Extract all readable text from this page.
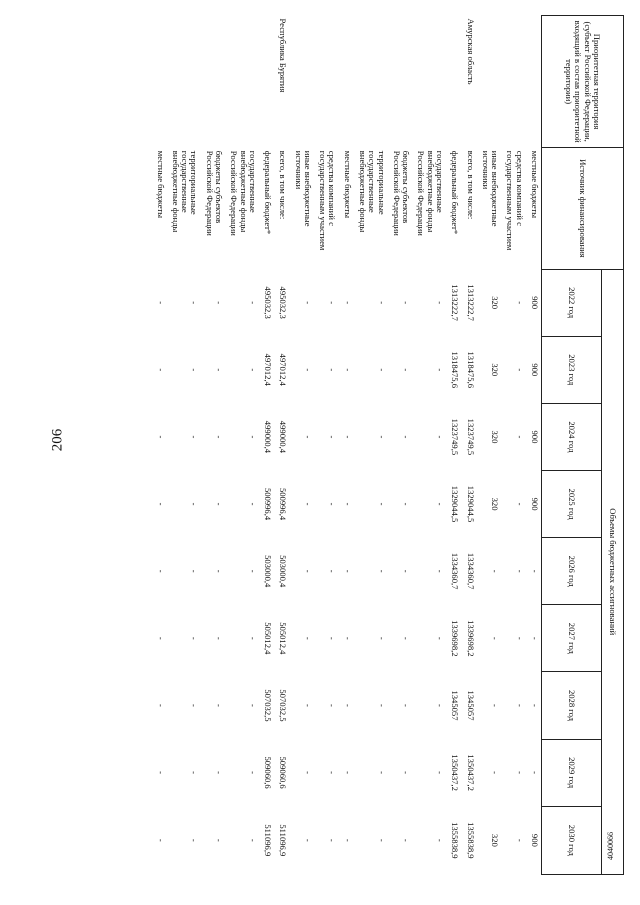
206
4040066
Приоритетная территория (субъект Российской Федерации, входящий в состав приоритетной территории)	Источник финансирования	Объемы бюджетных ассигнований								
		2022 год	2023 год	2024 год	2025 год	2026 год	2027 год	2028 год	2029 год	2030 год
	местные бюджеты	900	900	900	900	-	-	-	-	900
	средства компаний с государственным участием	-	-	-	-	-	-	-	-	-
	иные внебюджетные источники	320	320	320	320	-	-	-	-	320
Амурская область	всего, в том числе:	1313222,7	1318475,6	1323749,5	1329044,5	1334360,7	1339698,2	1345057	1350437,2	1355838,9
	федеральный бюджет*	1313222,7	1318475,6	1323749,5	1329044,5	1334360,7	1339698,2	1345057	1350437,2	1355838,9
	государственные внебюджетные фонды Российской Федерации	-	-	-	-	-	-	-	-	-
	бюджеты субъектов Российской Федерации	-	-	-	-	-	-	-	-	-
	территориальные государственные внебюджетные фонды	-	-	-	-	-	-	-	-	-
	местные бюджеты	-	-	-	-	-	-	-	-	-
	средства компаний с государственным участием	-	-	-	-	-	-	-	-	-
	иные внебюджетные источники	-	-	-	-	-	-	-	-	-
Республика Бурятия	всего, в том числе:	495032,3	497012,4	499000,4	500996,4	503000,4	505012,4	507032,5	509060,6	511096,9
	федеральный бюджет*	495032,3	497012,4	499000,4	500996,4	503000,4	505012,4	507032,5	509060,6	511096,9
	государственные внебюджетные фонды Российской Федерации	-	-	-	-	-	-	-	-	-
	бюджеты субъектов Российской Федерации	-	-	-	-	-	-	-	-	-
	территориальные государственные внебюджетные фонды	-	-	-	-	-	-	-	-	-
	местные бюджеты	-	-	-	-	-	-	-	-	-
